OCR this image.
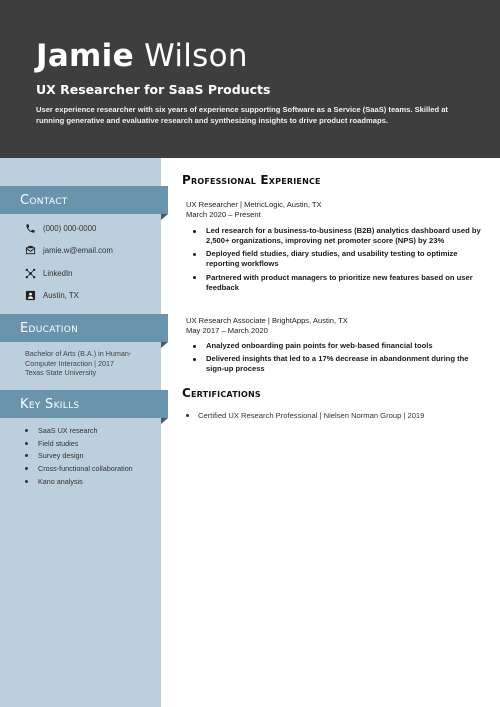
Jamie Wilson
UX Researcher for SaaS Products
User experience researcher with six years of experience supporting Software as a Service (SaaS) teams. Skilled at running generative and evaluative research and synthesizing insights to drive product roadmaps.
Contact
(000) 000-0000
jamie.w@email.com
LinkedIn
Austin, TX
Education
Bachelor of Arts (B.A.) in Human-Computer Interaction | 2017
Texas State University
Key Skills
SaaS UX research
Field studies
Survey design
Cross-functional collaboration
Kano analysis
Professional Experience
UX Researcher | MetricLogic, Austin, TX
March 2020 – Present
Led research for a business-to-business (B2B) analytics dashboard used by 2,500+ organizations, improving net promoter score (NPS) by 23%
Deployed field studies, diary studies, and usability testing to optimize reporting workflows
Partnered with product managers to prioritize new features based on user feedback
UX Research Associate | BrightApps, Austin, TX
May 2017 – March 2020
Analyzed onboarding pain points for web-based financial tools
Delivered insights that led to a 17% decrease in abandonment during the sign-up process
Certifications
Certified UX Research Professional | Nielsen Norman Group | 2019
